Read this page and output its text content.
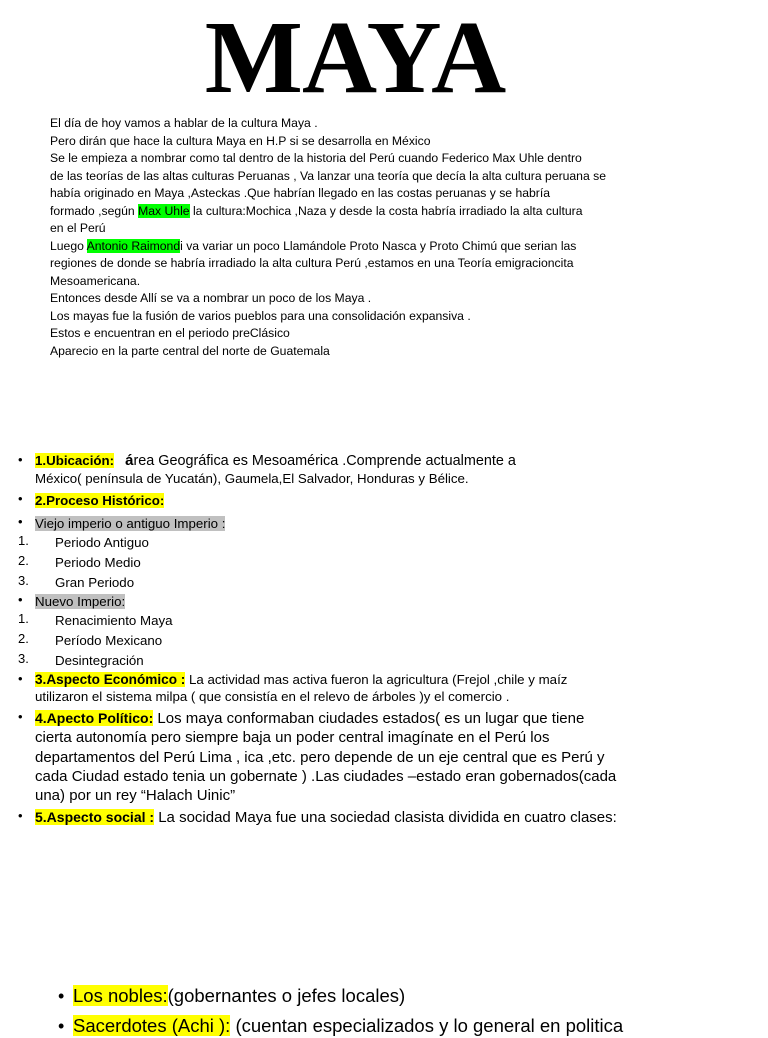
MAYA

El día de hoy vamos a hablar de la cultura Maya .

Pero dirán que hace la cultura Maya en H.P si se desarrolla en México

Se le empieza a nombrar como tal dentro de la historia del Perú cuando Federico Max Uhle dentro

de las teorías de las altas culturas Peruanas , Va lanzar una teoría que decía la alta cultura peruana se

había originado en Maya ,Asteckas .Que habrían llegado en las costas peruanas y se habría

formado ,según Max Uhle la cultura:Mochica ,Naza y desde la costa habría irradiado la alta cultura

en el Perú

Luego Antonio Raimondi va variar un poco Llamándole Proto Nasca y Proto Chimú que serian las

regiones de donde se habría irradiado la alta cultura Perú ,estamos en una Teoría emigracioncita

Mesoamericana.

Entonces desde Allí se va a nombrar un poco de los Maya .

Los mayas fue la fusión de varios pueblos para una consolidación expansiva .

Estos e encuentran en el periodo preClásico

Aparecio en la parte central del norte de Guatemala

• 1.Ubicación: área Geográfica es Mesoamérica .Comprende actualmente a
México( península de Yucatán), Gaumela,El Salvador, Honduras y Bélice.
• 2.Proceso Histórico:
• Viejo imperio o antiguo Imperio :
1. Periodo Antiguo
2. Periodo Medio
3. Gran Periodo
• Nuevo Imperio:
1. Renacimiento Maya
2. Período Mexicano
3. Desintegración
• 3.Aspecto Económico : La actividad mas activa fueron la agricultura (Frejol ,chile y maíz
utilizaron el sistema milpa ( que consistía en el relevo de árboles )y el comercio .
• 4.Apecto Político: Los maya conformaban ciudades estados( es un lugar que tiene
cierta autonomía pero siempre baja un poder central imagínate en el Perú los
departamentos del Perú Lima , ica ,etc. pero depende de un eje central que es Perú y
cada Ciudad estado tenia un gobernate ) .Las ciudades –estado eran gobernados(cada
una) por un rey “Halach Uinic”
• 5.Aspecto social : La socidad Maya fue una sociedad clasista dividida en cuatro clases:
• Los nobles:(gobernantes o jefes locales)
• Sacerdotes (Achi ): (cuentan especializados y lo general en politica
